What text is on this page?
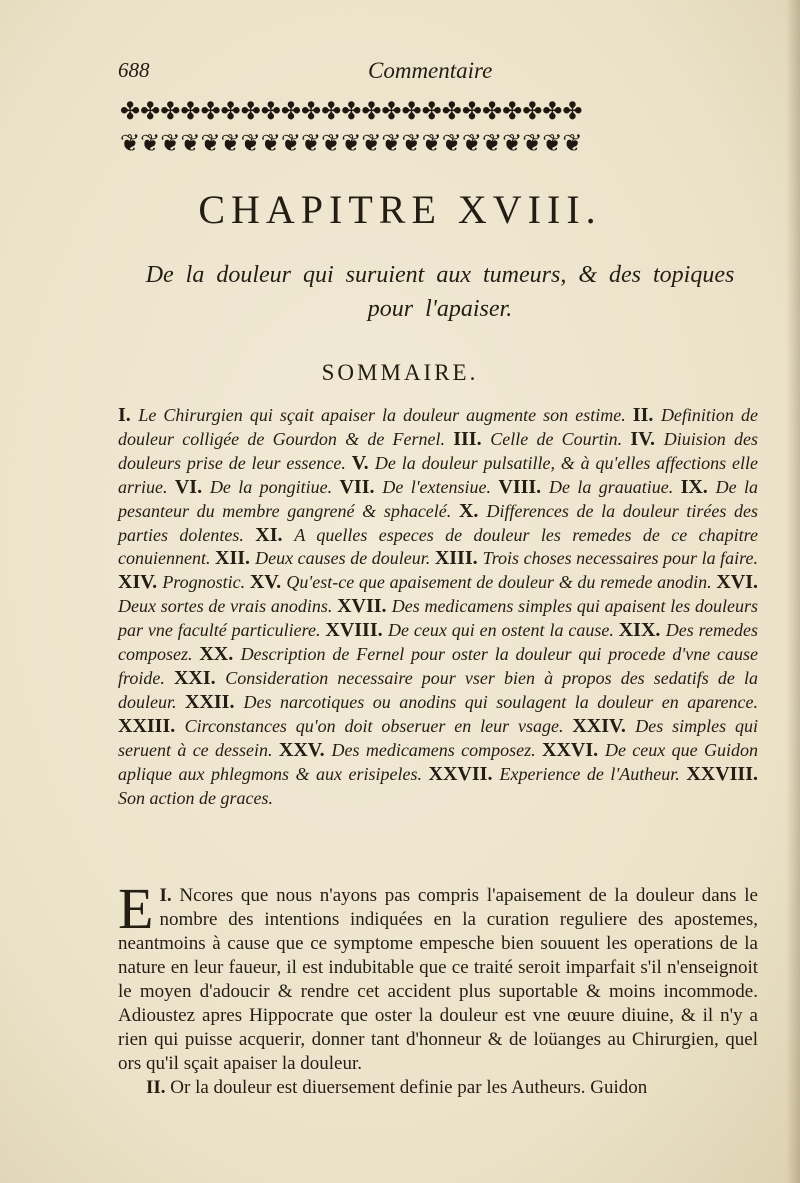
688	Commentaire
✤✤✤✤✤✤✤✤✤✤✤✤✤✤✤✤✤✤✤✤✤✤✤
❦❦❦❦❦❦❦❦❦❦❦❦❦❦❦❦❦❦❦❦❦❦❦
CHAPITRE XVIII.
De la douleur qui suruient aux tumeurs, & des topiques pour l'apaiser.
SOMMAIRE.
I. Le Chirurgien qui sçait apaiser la douleur augmente son estime. II. Definition de douleur colligée de Gourdon & de Fernel. III. Celle de Courtin. IV. Diuision des douleurs prise de leur essence. V. De la douleur pulsatille, & à qu'elles affections elle arriue. VI. De la pongitiue. VII. De l'extensiue. VIII. De la grauatiue. IX. De la pesanteur du membre gangrené & sphacelé. X. Differences de la douleur tirées des parties dolentes. XI. A quelles especes de douleur les remedes de ce chapitre conuiennent. XII. Deux causes de douleur. XIII. Trois choses necessaires pour la faire. XIV. Prognostic. XV. Qu'est-ce que apaisement de douleur & du remede anodin. XVI. Deux sortes de vrais anodins. XVII. Des medicamens simples qui apaisent les douleurs par vne faculté particuliere. XVIII. De ceux qui en ostent la cause. XIX. Des remedes composez. XX. Description de Fernel pour oster la douleur qui procede d'vne cause froide. XXI. Consideration necessaire pour vser bien à propos des sedatifs de la douleur. XXII. Des narcotiques ou anodins qui soulagent la douleur en aparence. XXIII. Circonstances qu'on doit obseruer en leur vsage. XXIV. Des simples qui seruent à ce dessein. XXV. Des medicamens composez. XXVI. De ceux que Guidon aplique aux phlegmons & aux erisipeles. XXVII. Experience de l'Autheur. XXVIII. Son action de graces.

I.
E Ncores que nous n'ayons pas compris l'apaisement de la douleur dans le nombre des intentions indiquées en la curation reguliere des apostemes, neantmoins à cause que ce symptome empesche bien souuent les operations de la nature en leur faueur, il est indubitable que ce traité seroit imparfait s'il n'enseignoit le moyen d'adoucir & rendre cet accident plus suportable & moins incommode. Adioustez apres Hippocrate que oster la douleur est vne œuure diuine, & il n'y a rien qui puisse acquerir, donner tant d'honneur & de loüanges au Chirurgien, quel ors qu'il sçait apaiser la douleur.

II. Or la douleur est diuersement definie par les Autheurs. Guidon
